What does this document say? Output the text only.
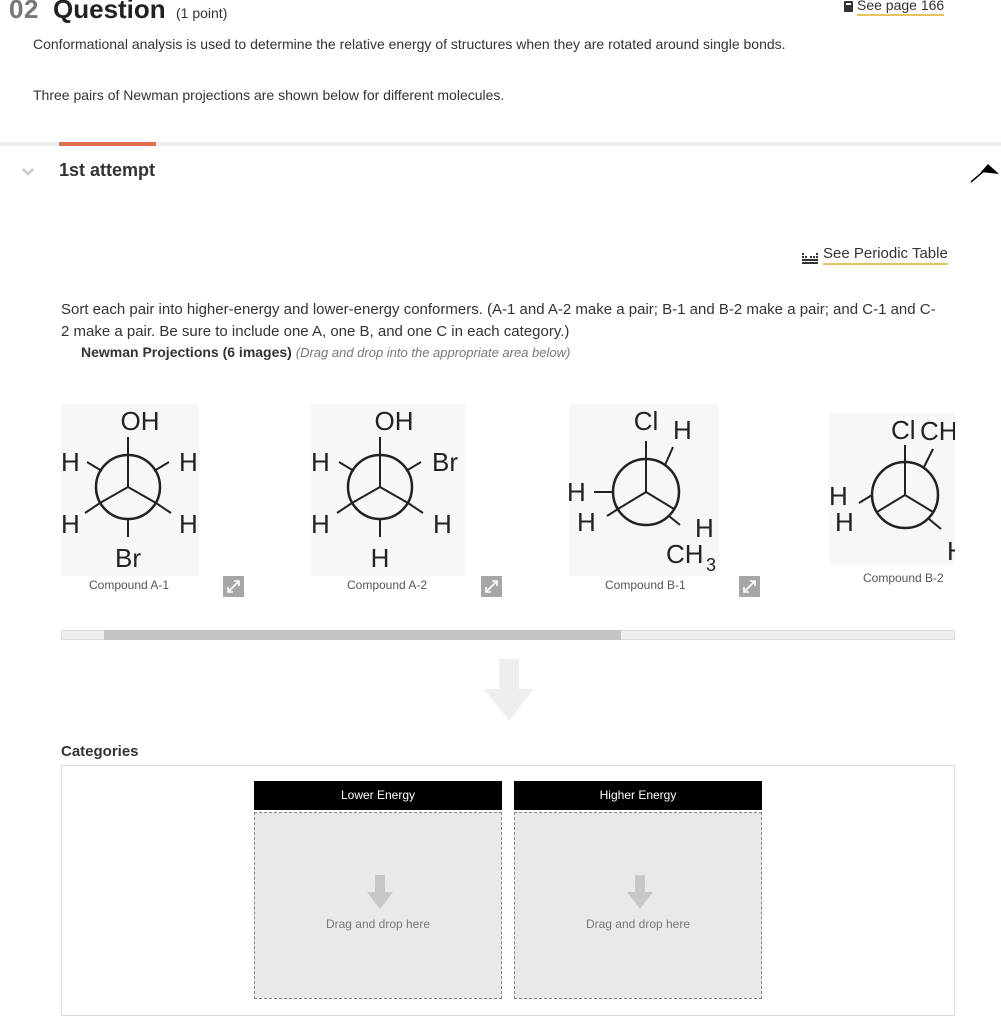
02 Question (1 point)	See page 166
Conformational analysis is used to determine the relative energy of structures when they are rotated around single bonds.
Three pairs of Newman projections are shown below for different molecules.
1st attempt
See Periodic Table
Sort each pair into higher-energy and lower-energy conformers. (A-1 and A-2 make a pair; B-1 and B-2 make a pair; and C-1 and C-2 make a pair. Be sure to include one A, one B, and one C in each category.)
Newman Projections (6 images) (Drag and drop into the appropriate area below)
OH
H	H
H	H
Br
Compound A-1
OH
H	Br
H	H
H
Compound A-2
Cl H
H
H	H
CH 3
Compound B-1
Cl CH
H
H
H
Compound B-2
Categories
Lower Energy
Drag and drop here
Higher Energy
Drag and drop here
